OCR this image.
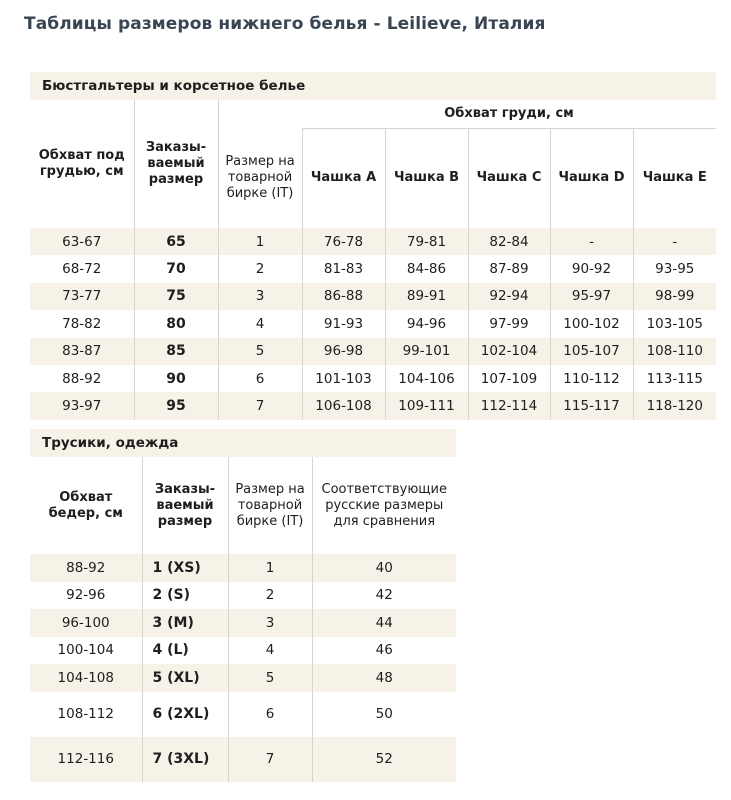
Таблицы размеров нижнего белья - Leilieve, Италия
Бюстгальтеры и корсетное белье
Обхват под грудью, см	Заказы-ваемый размер		Обхват груди, см				
		Размер на товарной бирке (IT)	Чашка A	Чашка B	Чашка C	Чашка D	Чашка E
63-67	65	1	76-78	79-81	82-84	-	-
68-72	70	2	81-83	84-86	87-89	90-92	93-95
73-77	75	3	86-88	89-91	92-94	95-97	98-99
78-82	80	4	91-93	94-96	97-99	100-102	103-105
83-87	85	5	96-98	99-101	102-104	105-107	108-110
88-92	90	6	101-103	104-106	107-109	110-112	113-115
93-97	95	7	106-108	109-111	112-114	115-117	118-120
Трусики, одежда
Обхват бедер, см	Заказы-ваемый размер	Размер на товарной бирке (IT)	Соответствующие русские размеры для сравнения
88-92	1 (XS)	1	40
92-96	2 (S)	2	42
96-100	3 (M)	3	44
100-104	4 (L)	4	46
104-108	5 (XL)	5	48
108-112	6 (2XL)	6	50
112-116	7 (3XL)	7	52
